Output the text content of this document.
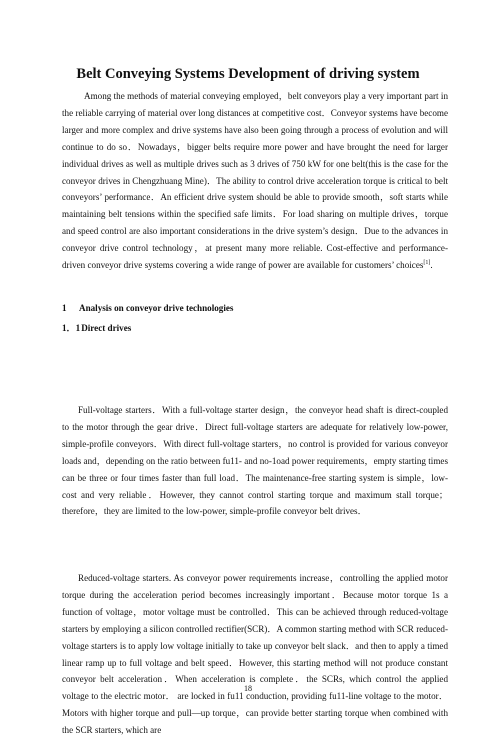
Belt Conveying Systems Development of driving system
Among the methods of material conveying employed，belt conveyors play a very important part in the reliable carrying of material over long distances at competitive cost．Conveyor systems have become larger and more complex and drive systems have also been going through a process of evolution and will continue to do so．Nowadays，bigger belts require more power and have brought the need for larger individual drives as well as multiple drives such as 3 drives of 750 kW for one belt(this is the case for the conveyor drives in Chengzhuang Mine)．The ability to control drive acceleration torque is critical to belt conveyors’ performance．An efficient drive system should be able to provide smooth，soft starts while maintaining belt tensions within the specified safe limits．For load sharing on multiple drives，torque and speed control are also important considerations in the drive system’s design．Due to the advances in conveyor drive control technology，at present many more reliable. Cost-effective and performance-driven conveyor drive systems covering a wide range of power are available for customers’ choices[1].
1 Analysis on conveyor drive technologies
1．1Direct drives
Full-voltage starters．With a full-voltage starter design，the conveyor head shaft is direct-coupled to the motor through the gear drive．Direct full-voltage starters are adequate for relatively low-power, simple-profile conveyors．With direct full-voltage starters，no control is provided for various conveyor loads and，depending on the ratio between fu11- and no-1oad power requirements，empty starting times can be three or four times faster than full load．The maintenance-free starting system is simple，low-cost and very reliable．However, they cannot control starting torque and maximum stall torque；therefore，they are limited to the low-power, simple-profile conveyor belt drives．
Reduced-voltage starters. As conveyor power requirements increase，controlling the applied motor torque during the acceleration period becomes increasingly important．Because motor torque 1s a function of voltage，motor voltage must be controlled．This can be achieved through reduced-voltage starters by employing a silicon controlled rectifier(SCR)．A common starting method with SCR reduced-voltage starters is to apply low voltage initially to take up conveyor belt slack．and then to apply a timed linear ramp up to full voltage and belt speed．However, this starting method will not produce constant conveyor belt acceleration．When acceleration is complete．the SCRs, which control the applied voltage to the electric motor． are locked in fu11 conduction, providing fu11-line voltage to the motor．Motors with higher torque and pull—up torque，can provide better starting torque when combined with the SCR starters, which are
18
